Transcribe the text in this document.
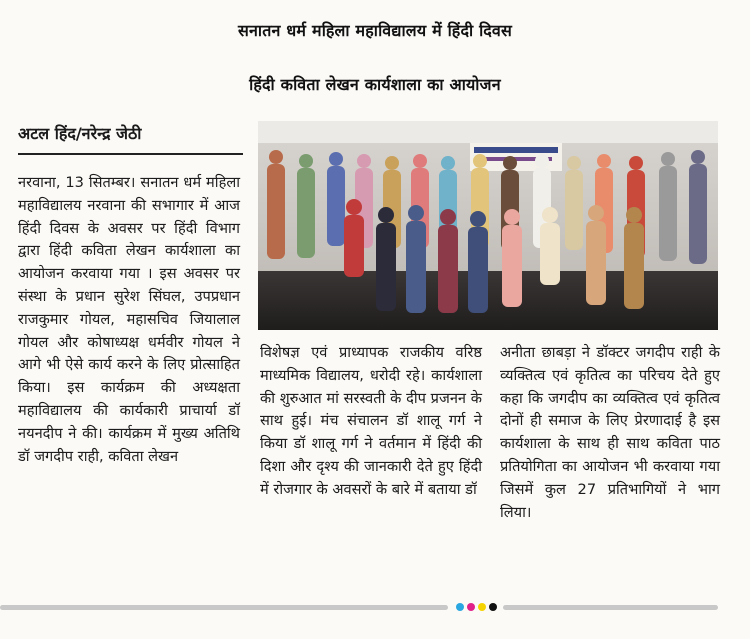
सनातन धर्म महिला महाविद्यालय में हिंदी दिवस
हिंदी कविता लेखन कार्यशाला का आयोजन
अटल हिंद/नरेन्द्र जेठी
नरवाना, 13 सितम्बर। सनातन धर्म महिला महाविद्यालय नरवाना की सभागार में आज हिंदी दिवस के अवसर पर हिंदी विभाग द्वारा हिंदी कविता लेखन कार्यशाला का आयोजन करवाया गया । इस अवसर पर संस्था के प्रधान सुरेश सिंघल, उपप्रधान राजकुमार गोयल, महासचिव जियालाल गोयल और कोषाध्यक्ष धर्मवीर गोयल ने आगे भी ऐसे कार्य करने के लिए प्रोत्साहित किया। इस कार्यक्रम की अध्यक्षता महाविद्यालय की कार्यकारी प्राचार्या डॉ नयनदीप ने की। कार्यक्रम में मुख्य अतिथि डॉ जगदीप राही, कविता लेखन
विशेषज्ञ एवं प्राध्यापक राजकीय वरिष्ठ माध्यमिक विद्यालय, धरोदी रहे। कार्यशाला की शुरुआत मां सरस्वती के दीप प्रजनन के साथ हुई। मंच संचालन डॉ शालू गर्ग ने किया डॉ शालू गर्ग ने वर्तमान में हिंदी की दिशा और दृश्य की जानकारी देते हुए हिंदी में रोजगार के अवसरों के बारे में बताया डॉ
अनीता छाबड़ा ने डॉक्टर जगदीप राही के व्यक्तित्व एवं कृतित्व का परिचय देते हुए कहा कि जगदीप का व्यक्तित्व एवं कृतित्व दोनों ही समाज के लिए प्रेरणादाई है इस कार्यशाला के साथ ही साथ कविता पाठ प्रतियोगिता का आयोजन भी करवाया गया जिसमें कुल 27 प्रतिभागियों ने भाग लिया।
